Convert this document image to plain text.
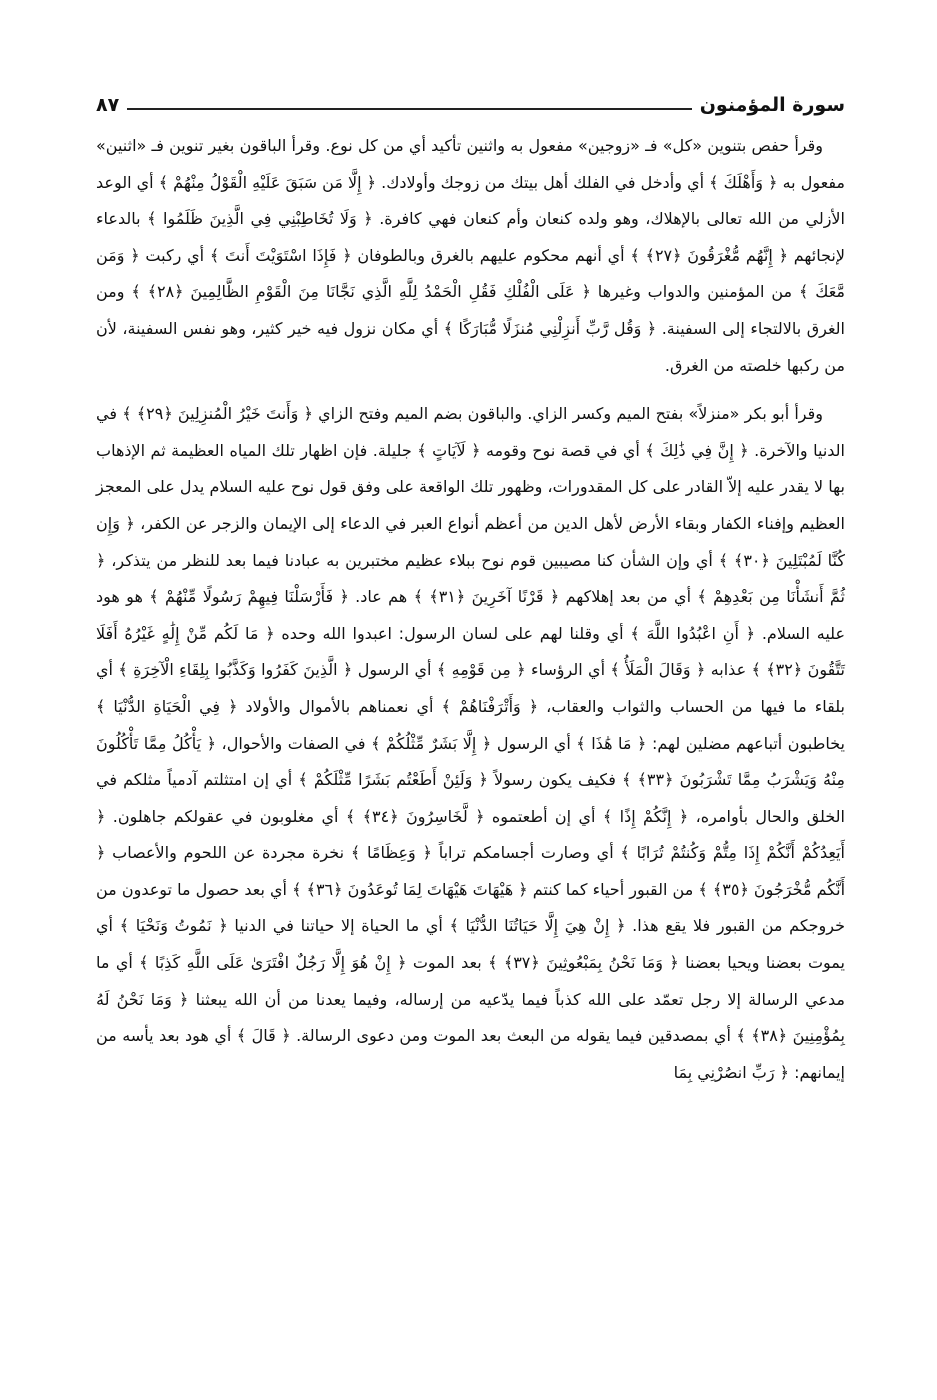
سورة المؤمنون
٨٧

وقرأ حفص بتنوين «كل» فـ «زوجين» مفعول به واثنين تأكيد أي من كل نوع. وقرأ الباقون بغير تنوين فـ «اثنين» مفعول به ﴿ وَأَهْلَكَ ﴾ أي وأدخل في الفلك أهل بيتك من زوجك وأولادك. ﴿ إِلَّا مَن سَبَقَ عَلَيْهِ الْقَوْلُ مِنْهُمْ ﴾ أي الوعد الأزلي من الله تعالى بالإهلاك، وهو ولده كنعان وأم كنعان فهي كافرة. ﴿ وَلَا تُخَاطِبْنِي فِي الَّذِينَ ظَلَمُوا ﴾ بالدعاء لإنجائهم ﴿ إِنَّهُم مُّغْرَقُونَ ﴿٢٧﴾ ﴾ أي أنهم محكوم عليهم بالغرق وبالطوفان ﴿ فَإِذَا اسْتَوَيْتَ أَنتَ ﴾ أي ركبت ﴿ وَمَن مَّعَكَ ﴾ من المؤمنين والدواب وغيرها ﴿ عَلَى الْفُلْكِ فَقُلِ الْحَمْدُ لِلَّهِ الَّذِي نَجَّانَا مِنَ الْقَوْمِ الظَّالِمِينَ ﴿٢٨﴾ ﴾ ومن الغرق بالالتجاء إلى السفينة. ﴿ وَقُل رَّبِّ أَنزِلْنِي مُنزَلًا مُّبَارَكًا ﴾ أي مكان نزول فيه خير كثير، وهو نفس السفينة، لأن من ركبها خلصته من الغرق.

وقرأ أبو بكر «منزلاً» بفتح الميم وكسر الزاي. والباقون بضم الميم وفتح الزاي ﴿ وَأَنتَ خَيْرُ الْمُنزِلِينَ ﴿٢٩﴾ ﴾ في الدنيا والآخرة. ﴿ إِنَّ فِي ذَٰلِكَ ﴾ أي في قصة نوح وقومه ﴿ لَآيَاتٍ ﴾ جليلة. فإن اظهار تلك المياه العظيمة ثم الإذهاب بها لا يقدر عليه إلاّ القادر على كل المقدورات، وظهور تلك الواقعة على وفق قول نوح عليه السلام يدل على المعجز العظيم وإفناء الكفار وبقاء الأرض لأهل الدين من أعظم أنواع العبر في الدعاء إلى الإيمان والزجر عن الكفر، ﴿ وَإِن كُنَّا لَمُبْتَلِينَ ﴿٣٠﴾ ﴾ أي وإن الشأن كنا مصيبين قوم نوح ببلاء عظيم مختبرين به عبادنا فيما بعد للنظر من يتذكر، ﴿ ثُمَّ أَنشَأْنَا مِن بَعْدِهِمْ ﴾ أي من بعد إهلاكهم ﴿ قَرْنًا آخَرِينَ ﴿٣١﴾ ﴾ هم عاد. ﴿ فَأَرْسَلْنَا فِيهِمْ رَسُولًا مِّنْهُمْ ﴾ هو هود عليه السلام. ﴿ أَنِ اعْبُدُوا اللَّهَ ﴾ أي وقلنا لهم على لسان الرسول: اعبدوا الله وحده ﴿ مَا لَكُم مِّنْ إِلَٰهٍ غَيْرُهُ أَفَلَا تَتَّقُونَ ﴿٣٢﴾ ﴾ عذابه ﴿ وَقَالَ الْمَلَأُ ﴾ أي الرؤساء ﴿ مِن قَوْمِهِ ﴾ أي الرسول ﴿ الَّذِينَ كَفَرُوا وَكَذَّبُوا بِلِقَاءِ الْآخِرَةِ ﴾ أي بلقاء ما فيها من الحساب والثواب والعقاب، ﴿ وَأَتْرَفْنَاهُمْ ﴾ أي نعمناهم بالأموال والأولاد ﴿ فِي الْحَيَاةِ الدُّنْيَا ﴾ يخاطبون أتباعهم مضلين لهم: ﴿ مَا هَٰذَا ﴾ أي الرسول ﴿ إِلَّا بَشَرٌ مِّثْلُكُمْ ﴾ في الصفات والأحوال، ﴿ يَأْكُلُ مِمَّا تَأْكُلُونَ مِنْهُ وَيَشْرَبُ مِمَّا تَشْرَبُونَ ﴿٣٣﴾ ﴾ فكيف يكون رسولاً ﴿ وَلَئِنْ أَطَعْتُم بَشَرًا مِّثْلَكُمْ ﴾ أي إن امتثلتم آدمياً مثلكم في الخلق والحال بأوامره، ﴿ إِنَّكُمْ إِذًا ﴾ أي إن أطعتموه ﴿ لَّخَاسِرُونَ ﴿٣٤﴾ ﴾ أي مغلوبون في عقولكم جاهلون. ﴿ أَيَعِدُكُمْ أَنَّكُمْ إِذَا مِتُّمْ وَكُنتُمْ تُرَابًا ﴾ أي وصارت أجسامكم تراباً ﴿ وَعِظَامًا ﴾ نخرة مجردة عن اللحوم والأعصاب ﴿ أَنَّكُم مُّخْرَجُونَ ﴿٣٥﴾ ﴾ من القبور أحياء كما كنتم ﴿ هَيْهَاتَ هَيْهَاتَ لِمَا تُوعَدُونَ ﴿٣٦﴾ ﴾ أي بعد حصول ما توعدون من خروجكم من القبور فلا يقع هذا. ﴿ إِنْ هِيَ إِلَّا حَيَاتُنَا الدُّنْيَا ﴾ أي ما الحياة إلا حياتنا في الدنيا ﴿ نَمُوتُ وَنَحْيَا ﴾ أي يموت بعضنا ويحيا بعضنا ﴿ وَمَا نَحْنُ بِمَبْعُوثِينَ ﴿٣٧﴾ ﴾ بعد الموت ﴿ إِنْ هُوَ إِلَّا رَجُلٌ افْتَرَىٰ عَلَى اللَّهِ كَذِبًا ﴾ أي ما مدعي الرسالة إلا رجل تعمّد على الله كذباً فيما يدّعيه من إرساله، وفيما يعدنا من أن الله يبعثنا ﴿ وَمَا نَحْنُ لَهُ بِمُؤْمِنِينَ ﴿٣٨﴾ ﴾ أي بمصدقين فيما يقوله من البعث بعد الموت ومن دعوى الرسالة. ﴿ قَالَ ﴾ أي هود بعد يأسه من إيمانهم: ﴿ رَبِّ انصُرْنِي بِمَا
